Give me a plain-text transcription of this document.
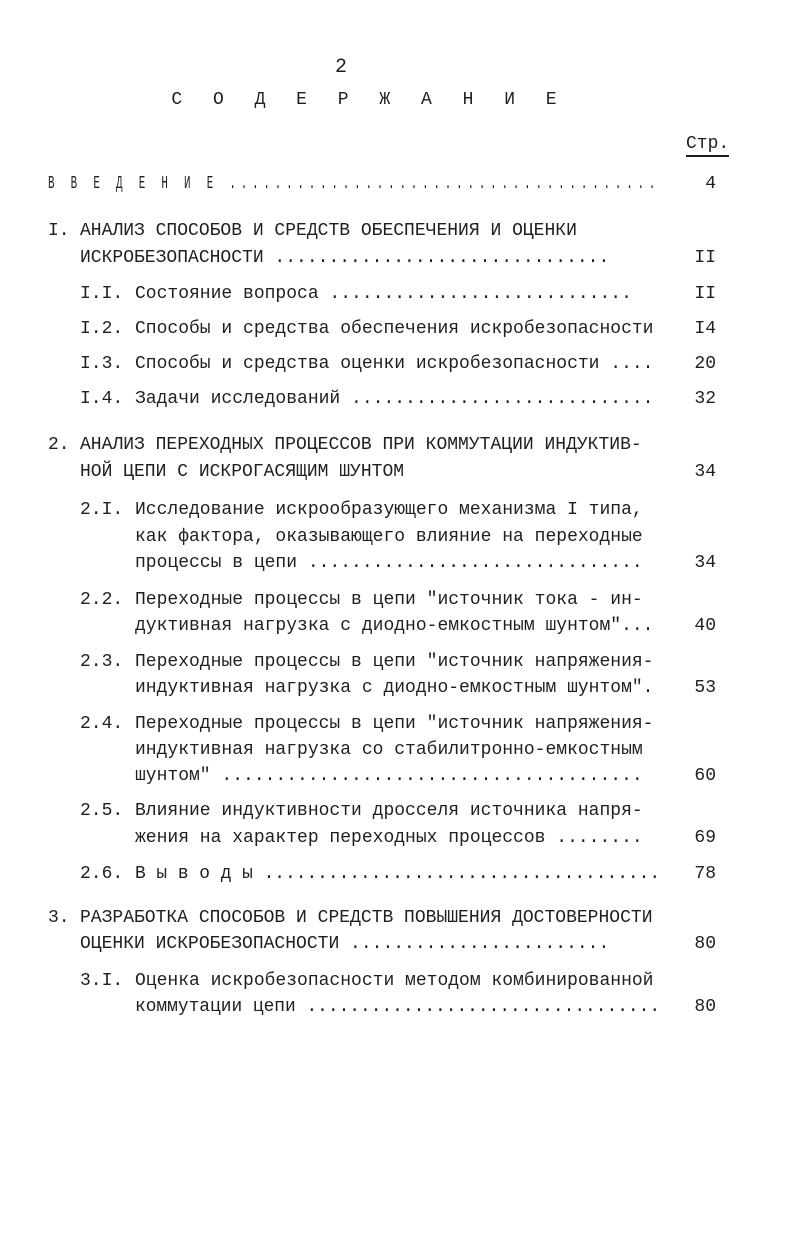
2
С О Д Е Р Ж А Н И Е
Стр.
В В Е Д Е Н И Е ......................................	4
I. АНАЛИЗ СПОСОБОВ И СРЕДСТВ ОБЕСПЕЧЕНИЯ И ОЦЕНКИ
ИСКРОБЕЗОПАСНОСТИ ...............................	II
I.I. Состояние вопроса ............................	II
I.2. Способы и средства обеспечения искробезопасности	I4
I.3. Способы и средства оценки искробезопасности ....	20
I.4. Задачи исследований ............................	32
2. АНАЛИЗ ПЕРЕХОДНЫХ ПРОЦЕССОВ ПРИ КОММУТАЦИИ ИНДУКТИВ-
НОЙ ЦЕПИ С ИСКРОГАСЯЩИМ ШУНТОМ	34
2.I. Исследование искрообразующего механизма I типа,
как фактора, оказывающего влияние на переходные
процессы в цепи ...............................	34
2.2. Переходные процессы в цепи "источник тока - ин-
дуктивная нагрузка с диодно-емкостным шунтом"...	40
2.3. Переходные процессы в цепи "источник напряжения-
индуктивная нагрузка с диодно-емкостным шунтом".	53
2.4. Переходные процессы в цепи "источник напряжения-
индуктивная нагрузка со стабилитронно-емкостным
шунтом" .......................................	60
2.5. Влияние индуктивности дросселя источника напря-
жения на характер переходных процессов ........	69
2.6. В ы в о д ы .....................................	78
3. РАЗРАБОТКА СПОСОБОВ И СРЕДСТВ ПОВЫШЕНИЯ ДОСТОВЕРНОСТИ
ОЦЕНКИ ИСКРОБЕЗОПАСНОСТИ ........................	80
3.I. Оценка искробезопасности методом комбинированной
коммутации цепи .................................	80
